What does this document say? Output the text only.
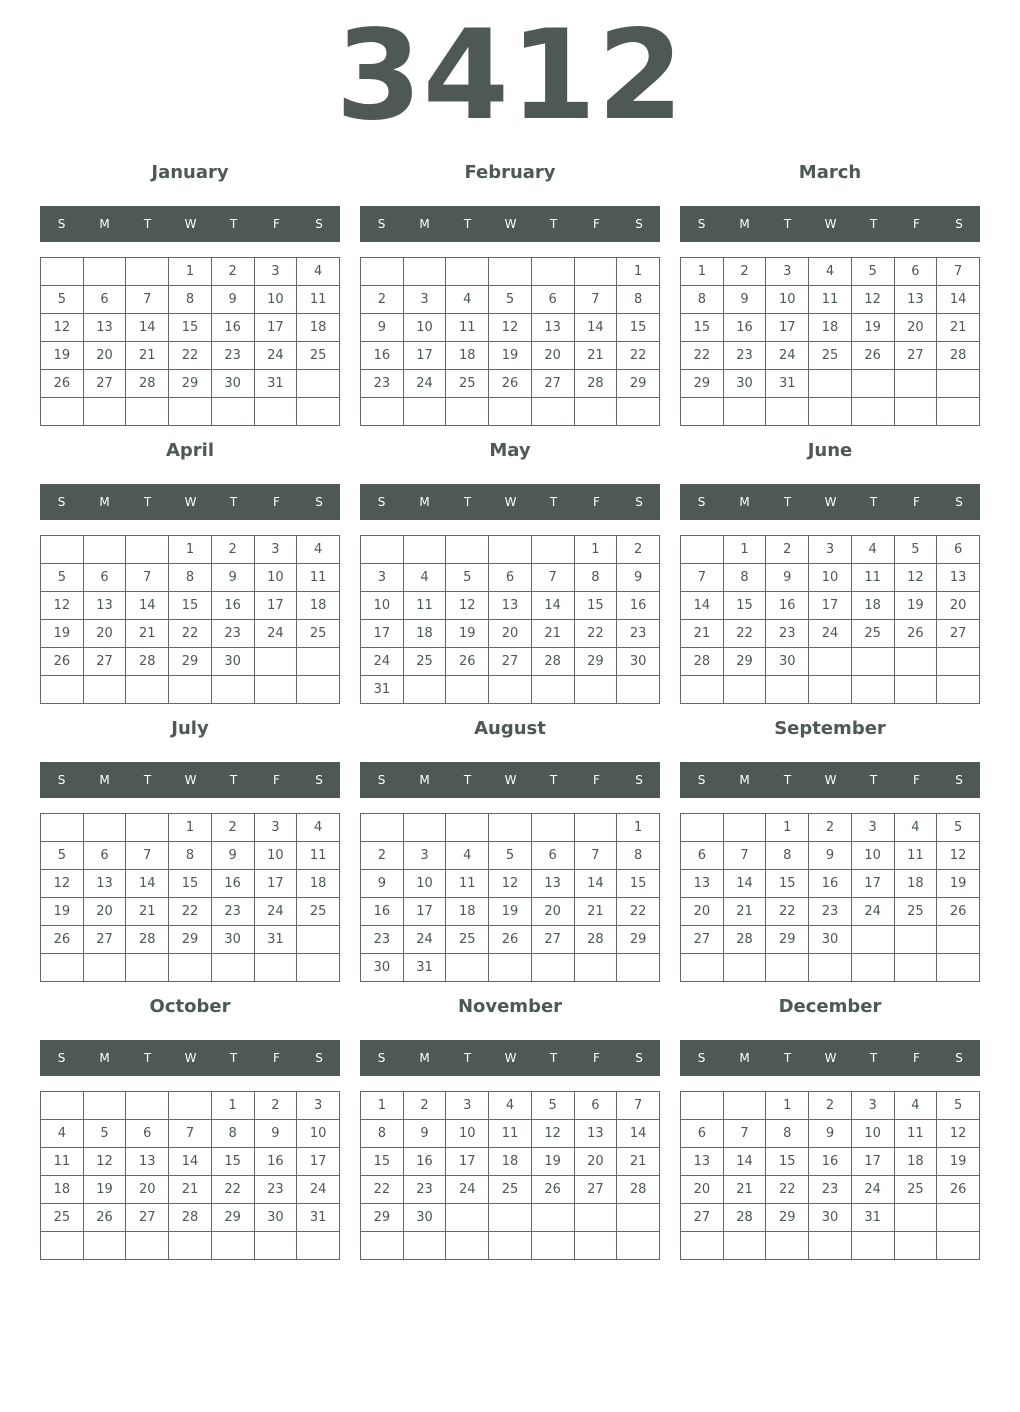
3412
January
S	M	T	W	T	F	S
			1	2	3	4
5	6	7	8	9	10	11
12	13	14	15	16	17	18
19	20	21	22	23	24	25
26	27	28	29	30	31	

February
S	M	T	W	T	F	S
						1
2	3	4	5	6	7	8
9	10	11	12	13	14	15
16	17	18	19	20	21	22
23	24	25	26	27	28	29

March
S	M	T	W	T	F	S
1	2	3	4	5	6	7
8	9	10	11	12	13	14
15	16	17	18	19	20	21
22	23	24	25	26	27	28
29	30	31				

April
S	M	T	W	T	F	S
			1	2	3	4
5	6	7	8	9	10	11
12	13	14	15	16	17	18
19	20	21	22	23	24	25
26	27	28	29	30		

May
S	M	T	W	T	F	S
					1	2
3	4	5	6	7	8	9
10	11	12	13	14	15	16
17	18	19	20	21	22	23
24	25	26	27	28	29	30
31						
June
S	M	T	W	T	F	S
	1	2	3	4	5	6
7	8	9	10	11	12	13
14	15	16	17	18	19	20
21	22	23	24	25	26	27
28	29	30				

July
S	M	T	W	T	F	S
			1	2	3	4
5	6	7	8	9	10	11
12	13	14	15	16	17	18
19	20	21	22	23	24	25
26	27	28	29	30	31	

August
S	M	T	W	T	F	S
						1
2	3	4	5	6	7	8
9	10	11	12	13	14	15
16	17	18	19	20	21	22
23	24	25	26	27	28	29
30	31					
September
S	M	T	W	T	F	S
		1	2	3	4	5
6	7	8	9	10	11	12
13	14	15	16	17	18	19
20	21	22	23	24	25	26
27	28	29	30			

October
S	M	T	W	T	F	S
				1	2	3
4	5	6	7	8	9	10
11	12	13	14	15	16	17
18	19	20	21	22	23	24
25	26	27	28	29	30	31

November
S	M	T	W	T	F	S
1	2	3	4	5	6	7
8	9	10	11	12	13	14
15	16	17	18	19	20	21
22	23	24	25	26	27	28
29	30					

December
S	M	T	W	T	F	S
		1	2	3	4	5
6	7	8	9	10	11	12
13	14	15	16	17	18	19
20	21	22	23	24	25	26
27	28	29	30	31		
